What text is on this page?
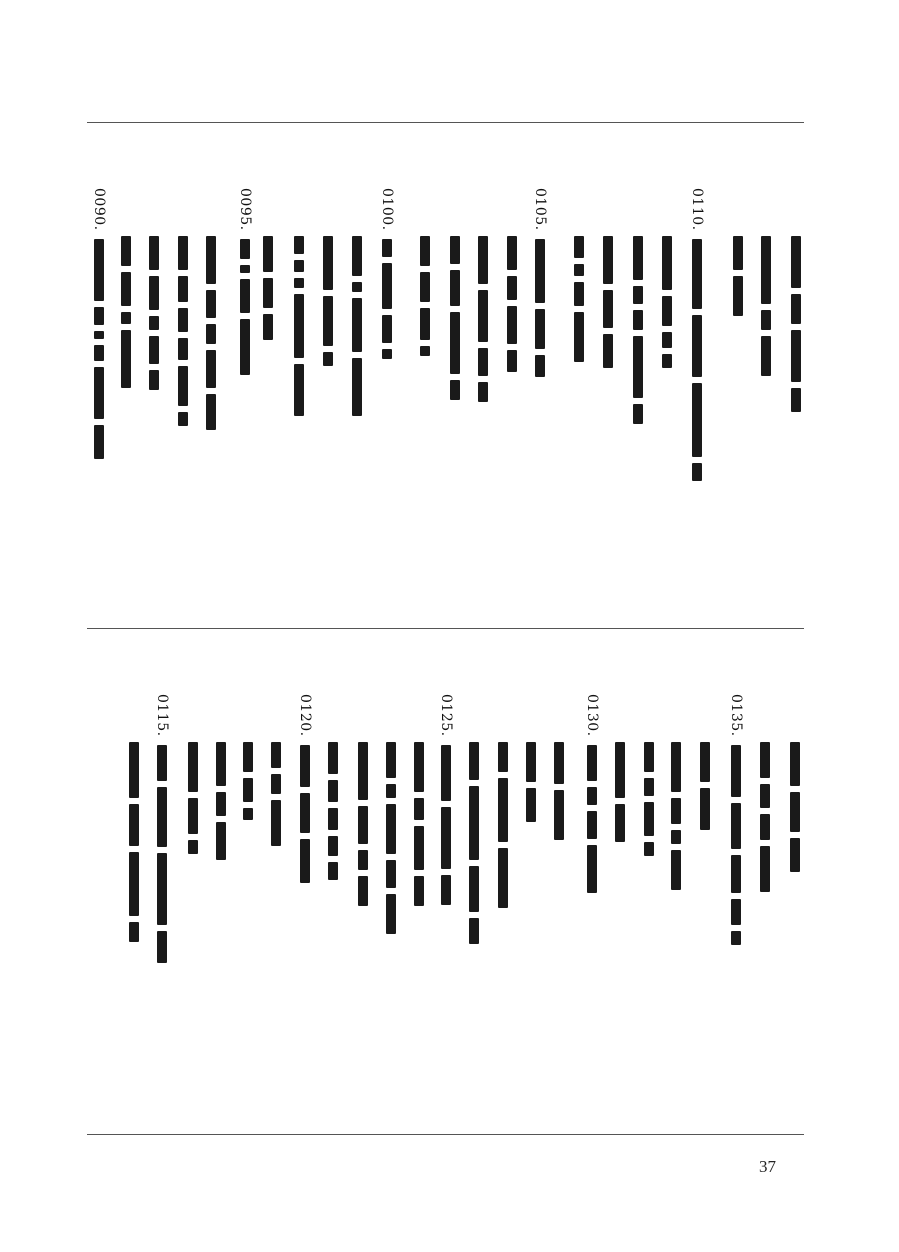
0110.
0105.
0100.
0095.
0090.
0135.
0130.
0125.
0120.
0115.
37
